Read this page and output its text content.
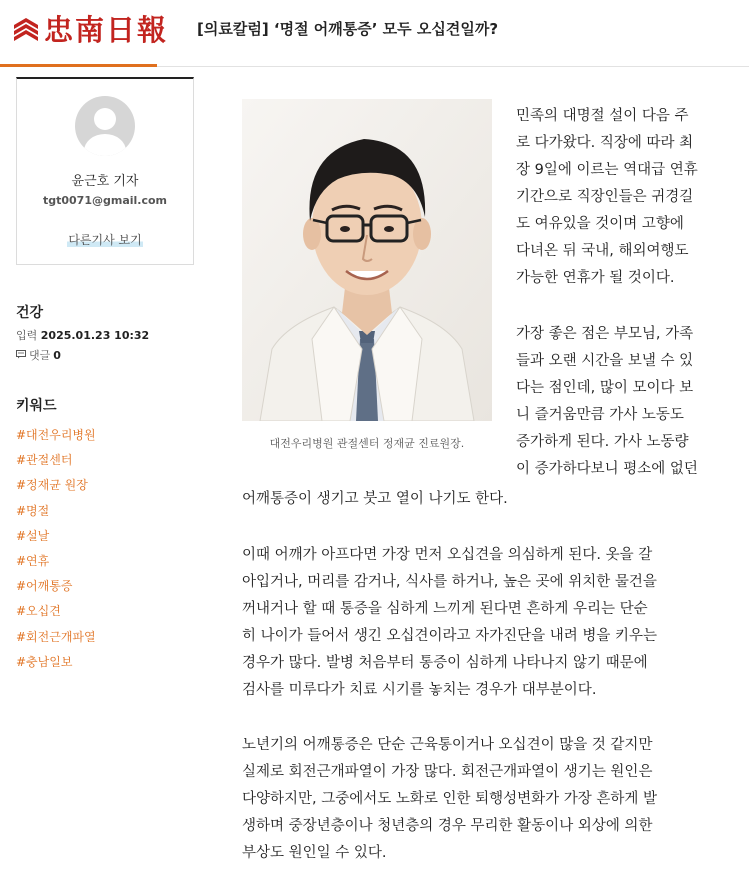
忠南日報 [의료칼럼] ‘명절 어깨통증’ 모두 오십견일까?
윤근호 기자
tgt0071@gmail.com
다른기사 보기
건강
입력 2025.01.23 10:32
댓글 0
키워드
#대전우리병원
#관절센터
#정재균 원장
#명절
#설날
#연휴
#어깨통증
#오십견
#회전근개파열
#충남일보
대전우리병원 관절센터 정재균 진료원장.
민족의 대명절 설이 다음 주
로 다가왔다. 직장에 따라 최
장 9일에 이르는 역대급 연휴
기간으로 직장인들은 귀경길
도 여유있을 것이며 고향에
다녀온 뒤 국내, 해외여행도
가능한 연휴가 될 것이다.
가장 좋은 점은 부모님, 가족
들과 오랜 시간을 보낼 수 있
다는 점인데, 많이 모이다 보
니 즐거움만큼 가사 노동도
증가하게 된다. 가사 노동량
이 증가하다보니 평소에 없던
어깨통증이 생기고 붓고 열이 나기도 한다.
이때 어깨가 아프다면 가장 먼저 오십견을 의심하게 된다. 옷을 갈
아입거나, 머리를 감거나, 식사를 하거나, 높은 곳에 위치한 물건을
꺼내거나 할 때 통증을 심하게 느끼게 된다면 흔하게 우리는 단순
히 나이가 들어서 생긴 오십견이라고 자가진단을 내려 병을 키우는
경우가 많다. 발병 처음부터 통증이 심하게 나타나지 않기 때문에
검사를 미루다가 치료 시기를 놓치는 경우가 대부분이다.
노년기의 어깨통증은 단순 근육통이거나 오십견이 많을 것 같지만
실제로 회전근개파열이 가장 많다. 회전근개파열이 생기는 원인은
다양하지만, 그중에서도 노화로 인한 퇴행성변화가 가장 흔하게 발
생하며 중장년층이나 청년층의 경우 무리한 활동이나 외상에 의한
부상도 원인일 수 있다.
